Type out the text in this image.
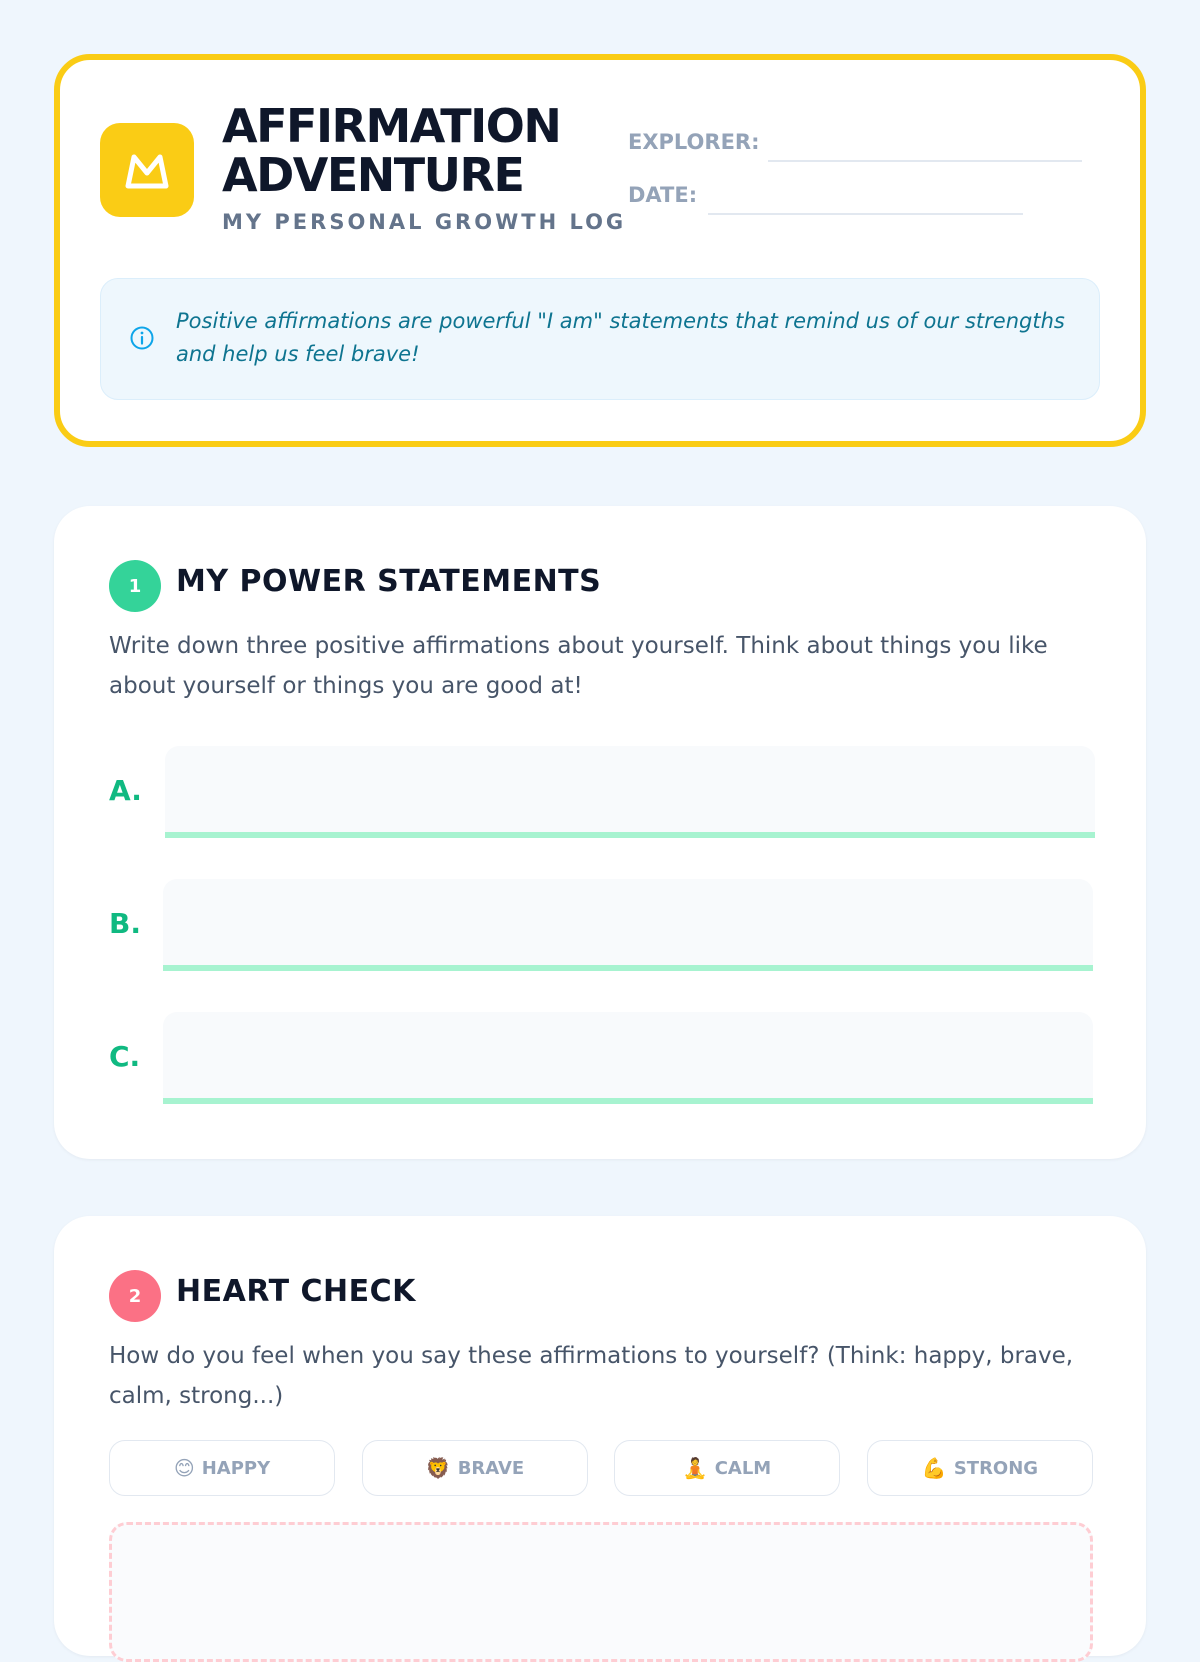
AFFIRMATION
ADVENTURE
MY PERSONAL GROWTH LOG
EXPLORER:
DATE:
Positive affirmations are powerful "I am" statements that remind us of our strengths and help us feel brave!
1	MY POWER STATEMENTS
Write down three positive affirmations about yourself. Think about things you like about yourself or things you are good at!
A.
B.
C.
2	HEART CHECK
How do you feel when you say these affirmations to yourself? (Think: happy, brave, calm, strong...)
😊 HAPPY	🦁 BRAVE	🧘 CALM	💪 STRONG
